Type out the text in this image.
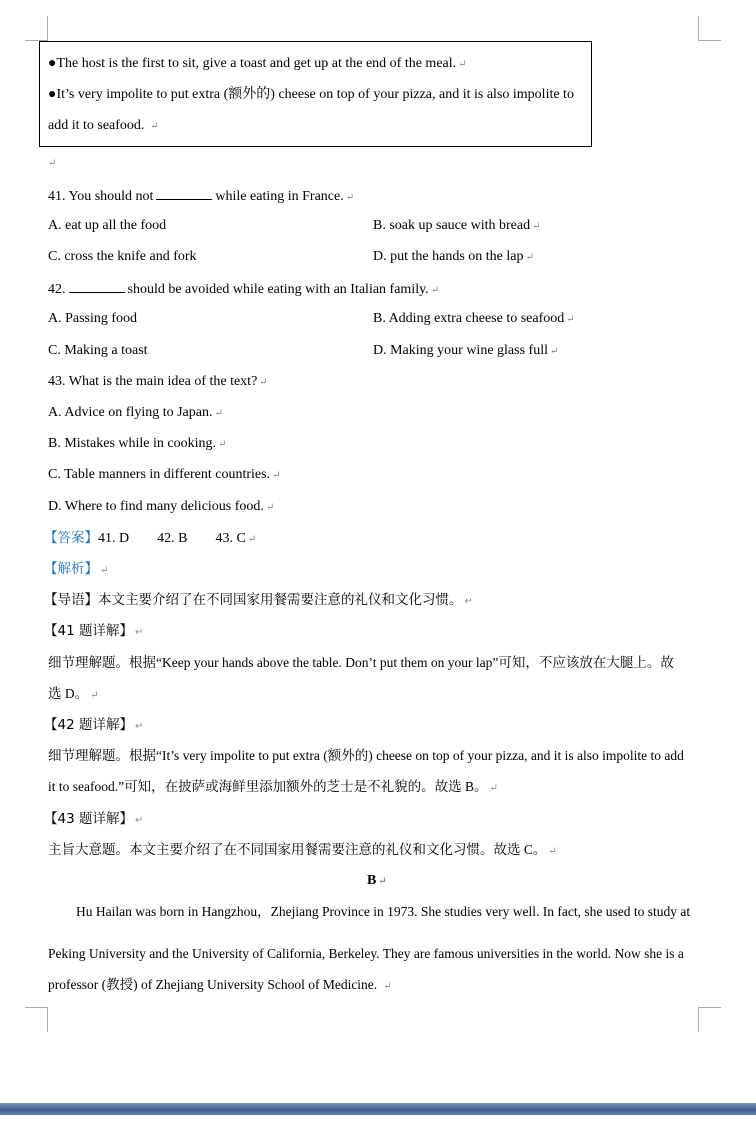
●The host is the first to sit, give a toast and get up at the end of the meal. ↵
●It’s very impolite to put extra (额外的) cheese on top of your pizza, and it is also impolite to
add it to seafood. ↵
↵
41. You should not	while eating in France. ↵
A. eat up all the food	B. soak up sauce with bread ↵
C. cross the knife and fork	D. put the hands on the lap ↵
42.	should be avoided while eating with an Italian family. ↵
A. Passing food	B. Adding extra cheese to seafood ↵
C. Making a toast	D. Making your wine glass full ↵
43. What is the main idea of the text? ↵
A. Advice on flying to Japan. ↵
B. Mistakes while in cooking. ↵
C. Table manners in different countries. ↵
D. Where to find many delicious food. ↵
【答案】41. D        42. B        43. C ↵
【解析】 ↵
【导语】本文主要介绍了在不同国家用餐需要注意的礼仪和文化习惯。 ↵
【41 题详解】 ↵
细节理解题。根据“Keep your hands above the table. Don’t put them on your lap”可知，不应该放在大腿上。故
选 D。 ↵
【42 题详解】 ↵
细节理解题。根据“It’s very impolite to put extra (额外的) cheese on top of your pizza, and it is also impolite to add
it to seafood.”可知，在披萨或海鲜里添加额外的芝士是不礼貌的。故选 B。 ↵
【43 题详解】 ↵
主旨大意题。本文主要介绍了在不同国家用餐需要注意的礼仪和文化习惯。故选 C。 ↵
B ↵
Hu Hailan was born in Hangzhou，Zhejiang Province in 1973. She studies very well. In fact, she used to study at
Peking University and the University of California, Berkeley. They are famous universities in the world. Now she is a
professor (教授) of Zhejiang University School of Medicine. ↵
